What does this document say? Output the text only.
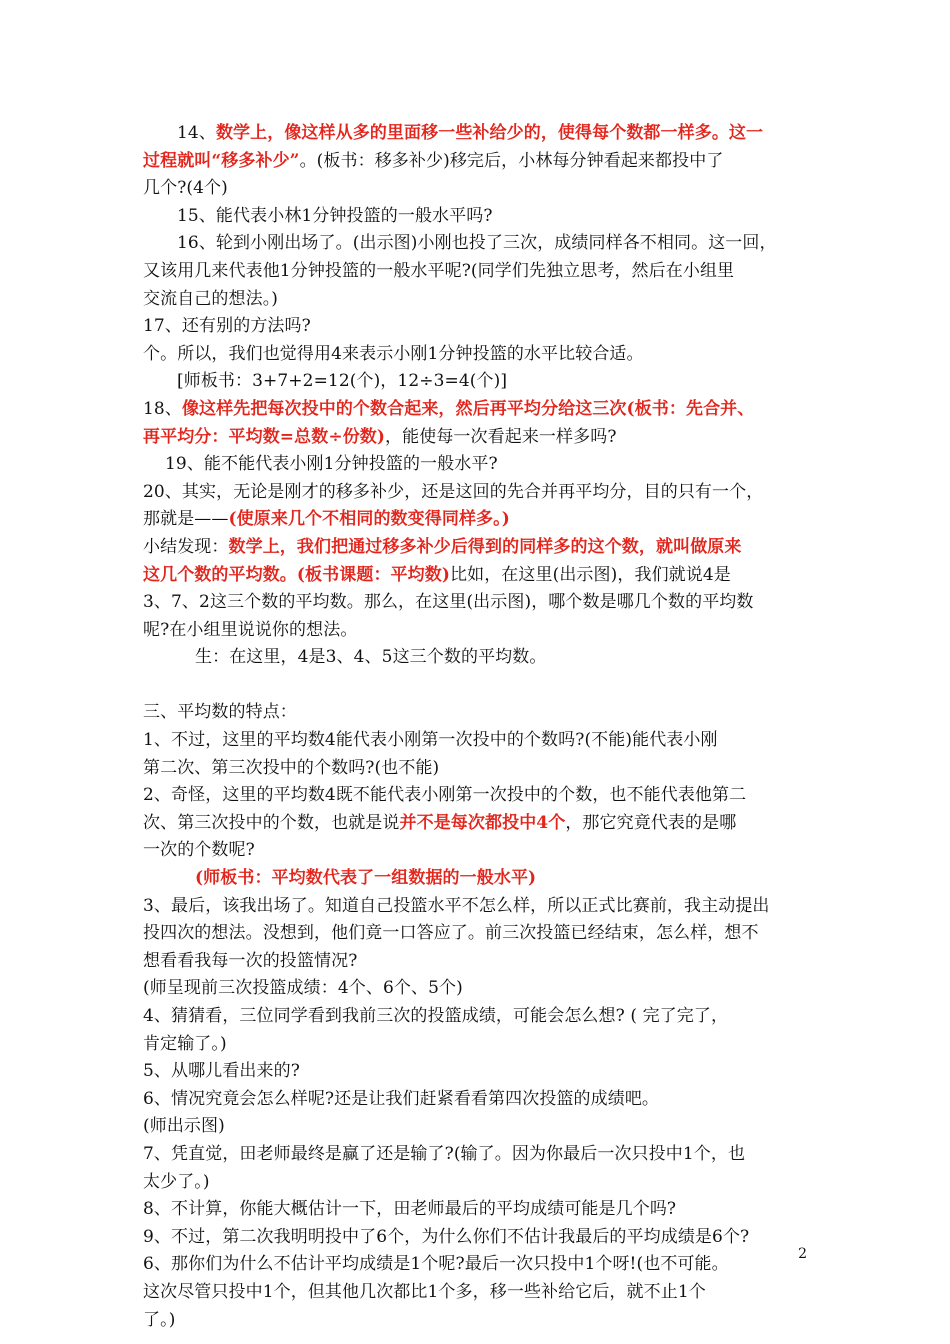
14、数学上，像这样从多的里面移一些补给少的，使得每个数都一样多。这一
过程就叫“移多补少”。(板书：移多补少)移完后，小林每分钟看起来都投中了
几个?(4个)
15、能代表小林1分钟投篮的一般水平吗?
16、轮到小刚出场了。(出示图)小刚也投了三次，成绩同样各不相同。这一回，
又该用几来代表他1分钟投篮的一般水平呢?(同学们先独立思考，然后在小组里
交流自己的想法。)
17、还有别的方法吗?
个。所以，我们也觉得用4来表示小刚1分钟投篮的水平比较合适。
[师板书：3+7+2=12(个)，12÷3=4(个)]
18、像这样先把每次投中的个数合起来，然后再平均分给这三次(板书：先合并、
再平均分：平均数=总数÷份数)，能使每一次看起来一样多吗?
19、能不能代表小刚1分钟投篮的一般水平?
20、其实，无论是刚才的移多补少，还是这回的先合并再平均分，目的只有一个，
那就是——(使原来几个不相同的数变得同样多。)
小结发现：数学上，我们把通过移多补少后得到的同样多的这个数，就叫做原来
这几个数的平均数。(板书课题：平均数)比如，在这里(出示图)，我们就说4是
3、7、2这三个数的平均数。那么，在这里(出示图)，哪个数是哪几个数的平均数
呢?在小组里说说你的想法。
生：在这里，4是3、4、5这三个数的平均数。
三、平均数的特点：
1、不过，这里的平均数4能代表小刚第一次投中的个数吗?(不能)能代表小刚
第二次、第三次投中的个数吗?(也不能)
2、奇怪，这里的平均数4既不能代表小刚第一次投中的个数，也不能代表他第二
次、第三次投中的个数，也就是说并不是每次都投中4个，那它究竟代表的是哪
一次的个数呢?
(师板书：平均数代表了一组数据的一般水平)
3、最后，该我出场了。知道自己投篮水平不怎么样，所以正式比赛前，我主动提出
投四次的想法。没想到，他们竟一口答应了。前三次投篮已经结束，怎么样，想不
想看看我每一次的投篮情况?
(师呈现前三次投篮成绩：4个、6个、5个)
4、猜猜看，三位同学看到我前三次的投篮成绩，可能会怎么想? ( 完了完了，
肯定输了。)
5、从哪儿看出来的?
6、情况究竟会怎么样呢?还是让我们赶紧看看第四次投篮的成绩吧。
(师出示图)
7、凭直觉，田老师最终是赢了还是输了?(输了。因为你最后一次只投中1个，也
太少了。)
8、不计算，你能大概估计一下，田老师最后的平均成绩可能是几个吗?
9、不过，第二次我明明投中了6个，为什么你们不估计我最后的平均成绩是6个?
6、那你们为什么不估计平均成绩是1个呢?最后一次只投中1个呀!(也不可能。
这次尽管只投中1个，但其他几次都比1个多，移一些补给它后，就不止1个
了。)
2
